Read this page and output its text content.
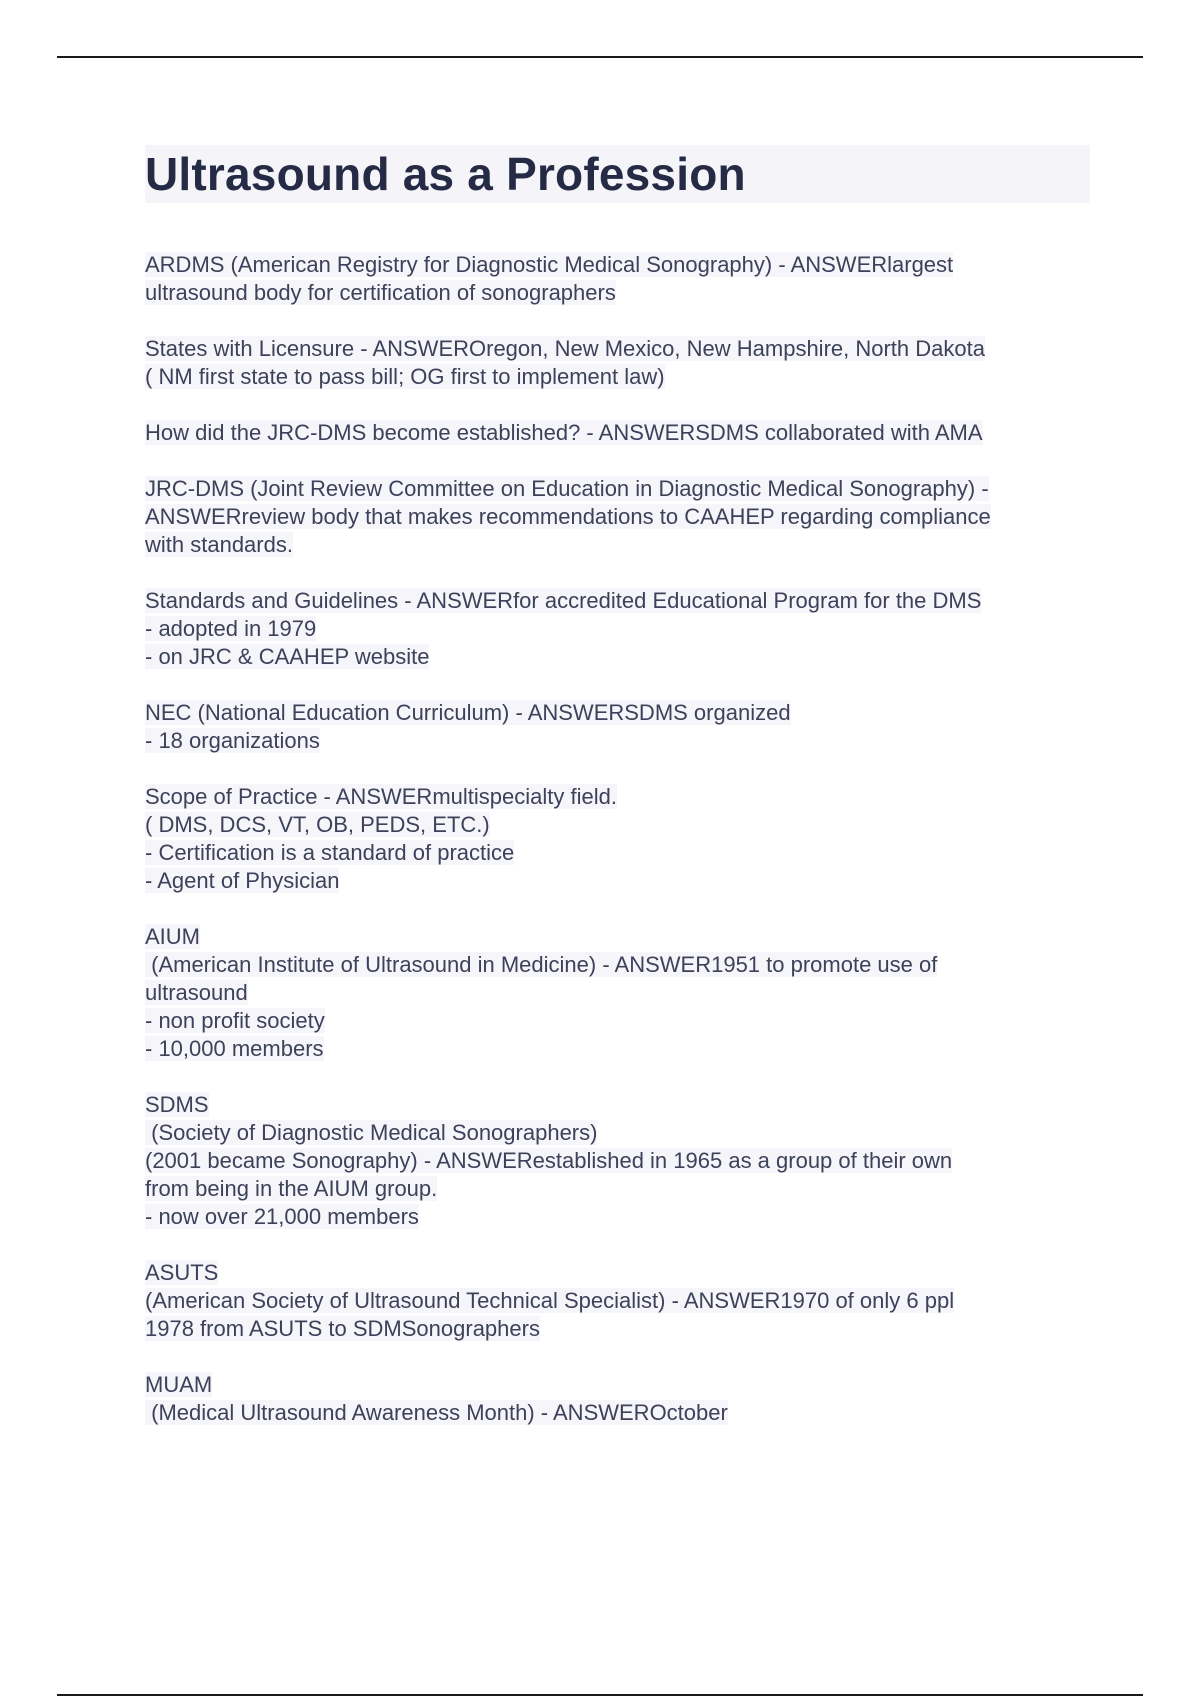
Ultrasound as a Profession
ARDMS (American Registry for Diagnostic Medical Sonography) - ANSWERlargest
ultrasound body for certification of sonographers
States with Licensure - ANSWEROregon, New Mexico, New Hampshire, North Dakota
( NM first state to pass bill; OG first to implement law)
How did the JRC-DMS become established? - ANSWERSDMS collaborated with AMA
JRC-DMS (Joint Review Committee on Education in Diagnostic Medical Sonography) -
ANSWERreview body that makes recommendations to CAAHEP regarding compliance
with standards.
Standards and Guidelines - ANSWERfor accredited Educational Program for the DMS
- adopted in 1979
- on JRC & CAAHEP website
NEC (National Education Curriculum) - ANSWERSDMS organized
- 18 organizations
Scope of Practice - ANSWERmultispecialty field.
( DMS, DCS, VT, OB, PEDS, ETC.)
- Certification is a standard of practice
- Agent of Physician
AIUM
(American Institute of Ultrasound in Medicine) - ANSWER1951 to promote use of
ultrasound
- non profit society
- 10,000 members
SDMS
(Society of Diagnostic Medical Sonographers)
(2001 became Sonography) - ANSWERestablished in 1965 as a group of their own
from being in the AIUM group.
- now over 21,000 members
ASUTS
(American Society of Ultrasound Technical Specialist) - ANSWER1970 of only 6 ppl
1978 from ASUTS to SDMSonographers
MUAM
(Medical Ultrasound Awareness Month) - ANSWEROctober
